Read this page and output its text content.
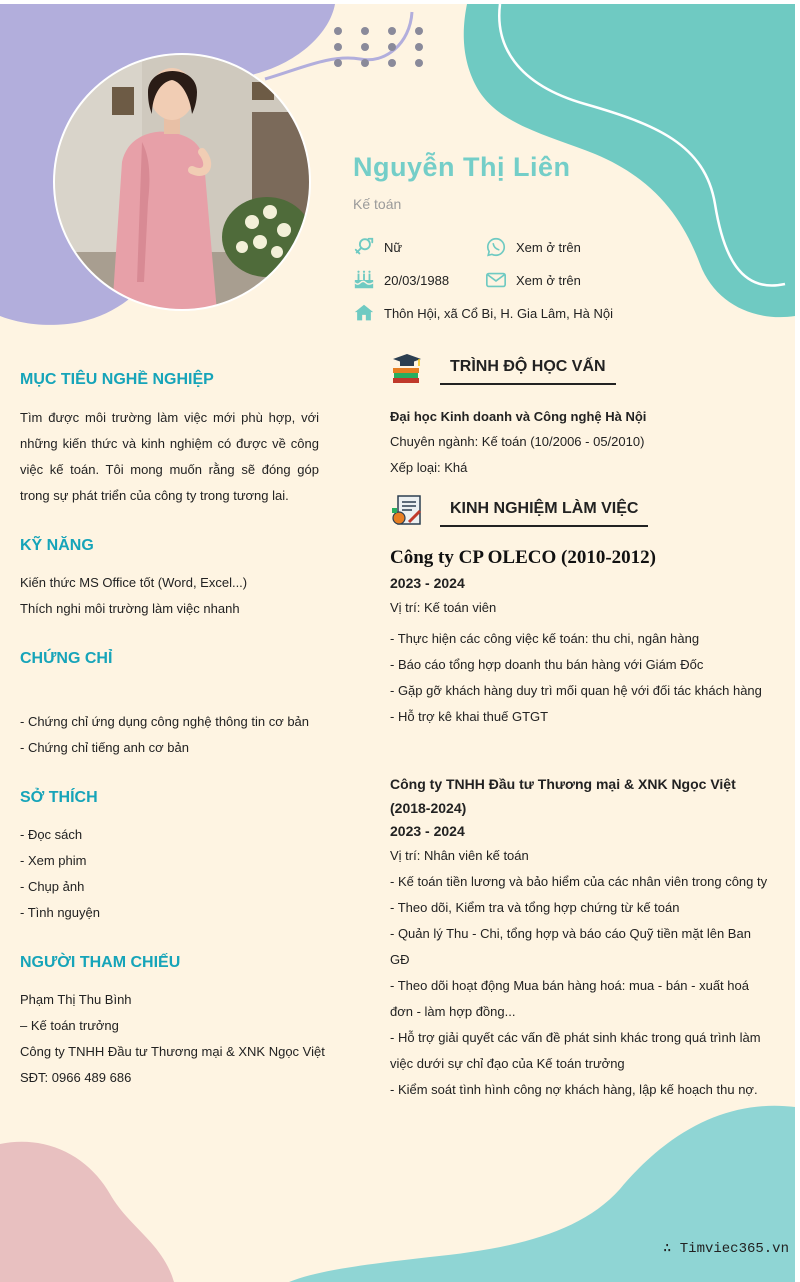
Nguyễn Thị Liên
Kế toán
Nữ	Xem ở trên
20/03/1988	Xem ở trên
Thôn Hội, xã Cổ Bi, H. Gia Lâm, Hà Nội
MỤC TIÊU NGHỀ NGHIỆP
Tìm được môi trường làm việc mới phù hợp, với những kiến thức và kinh nghiệm có được về công việc kế toán. Tôi mong muốn rằng sẽ đóng góp trong sự phát triển của công ty trong tương lai.
KỸ NĂNG
Kiến thức MS Office tốt (Word, Excel...)
Thích nghi môi trường làm việc nhanh
CHỨNG CHỈ
- Chứng chỉ ứng dụng công nghệ thông tin cơ bản
- Chứng chỉ tiếng anh cơ bản
SỞ THÍCH
- Đọc sách
- Xem phim
- Chụp ảnh
- Tình nguyện
NGƯỜI THAM CHIẾU
Phạm Thị Thu Bình
– Kế toán trưởng
Công ty TNHH Đầu tư Thương mại & XNK Ngọc Việt
SĐT: 0966 489 686
TRÌNH ĐỘ HỌC VẤN
Đại học Kinh doanh và Công nghệ Hà Nội
Chuyên ngành: Kế toán (10/2006 - 05/2010)
Xếp loại: Khá
KINH NGHIỆM LÀM VIỆC
Công ty CP OLECO (2010-2012)
2023 - 2024
Vị trí: Kế toán viên
- Thực hiện các công việc kế toán: thu chi, ngân hàng
- Báo cáo tổng hợp doanh thu bán hàng với Giám Đốc
- Gặp gỡ khách hàng duy trì mối quan hệ với đối tác khách hàng
- Hỗ trợ kê khai thuế GTGT
Công ty TNHH Đầu tư Thương mại & XNK Ngọc Việt (2018-2024)
2023 - 2024
Vị trí: Nhân viên kế toán
- Kế toán tiền lương và bảo hiểm của các nhân viên trong công ty
- Theo dõi, Kiểm tra và tổng hợp chứng từ kế toán
- Quản lý Thu - Chi, tổng hợp và báo cáo Quỹ tiền mặt lên Ban GĐ
- Theo dõi hoạt động Mua bán hàng hoá: mua - bán - xuất hoá đơn - làm hợp đồng...
- Hỗ trợ giải quyết các vấn đề phát sinh khác trong quá trình làm việc dưới sự chỉ đạo của Kế toán trưởng
- Kiểm soát tình hình công nợ khách hàng, lập kế hoạch thu nợ.
∴ Timviec365.vn
